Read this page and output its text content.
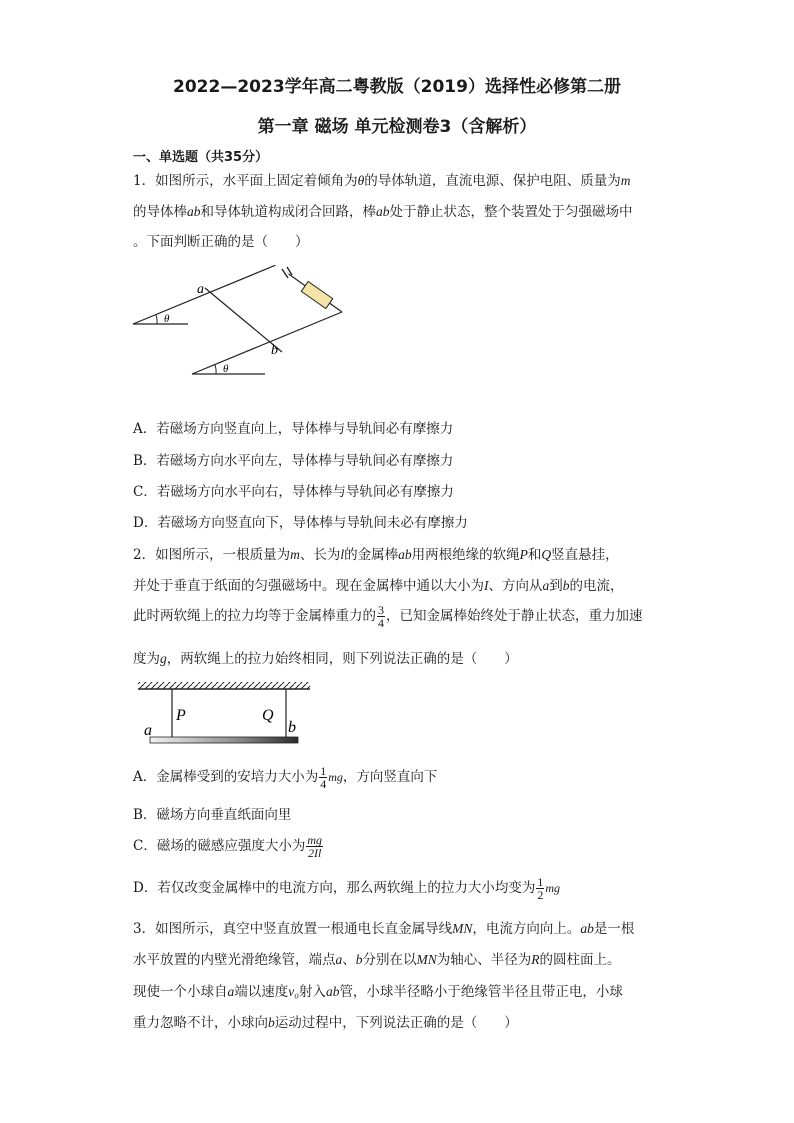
2022—2023学年高二粤教版（2019）选择性必修第二册
第一章 磁场 单元检测卷3（含解析）
一、单选题（共35分）
1．如图所示，水平面上固定着倾角为θ的导体轨道，直流电源、保护电阻、质量为m
的导体棒ab和导体轨道构成闭合回路，棒ab处于静止状态，整个装置处于匀强磁场中
。下面判断正确的是（　　）
a
b
θ
θ
A．若磁场方向竖直向上，导体棒与导轨间必有摩擦力
B．若磁场方向水平向左，导体棒与导轨间必有摩擦力
C．若磁场方向水平向右，导体棒与导轨间必有摩擦力
D．若磁场方向竖直向下，导体棒与导轨间未必有摩擦力
2．如图所示，一根质量为m、长为l的金属棒ab用两根绝缘的软绳P和Q竖直悬挂，
并处于垂直于纸面的匀强磁场中。现在金属棒中通以大小为I、方向从a到b的电流，
此时两软绳上的拉力均等于金属棒重力的 $\frac{3}{4}$ ，已知金属棒始终处于静止状态，重力加速
度为g，两软绳上的拉力始终相同，则下列说法正确的是（　　）
P	Q
a	b
A．金属棒受到的安培力大小为 $\frac{1}{4}$ mg，方向竖直向下
B．磁场方向垂直纸面向里
C．磁场的磁感应强度大小为 $\frac{mg}{2Il}$
D．若仅改变金属棒中的电流方向，那么两软绳上的拉力大小均变为 $\frac{1}{2}$ mg
3．如图所示，真空中竖直放置一根通电长直金属导线MN，电流方向向上。ab是一根
水平放置的内壁光滑绝缘管，端点a、b分别在以MN为轴心、半径为R的圆柱面上。
现使一个小球自a端以速度v₀射入ab管，小球半径略小于绝缘管半径且带正电，小球
重力忽略不计，小球向b运动过程中，下列说法正确的是（　　）
